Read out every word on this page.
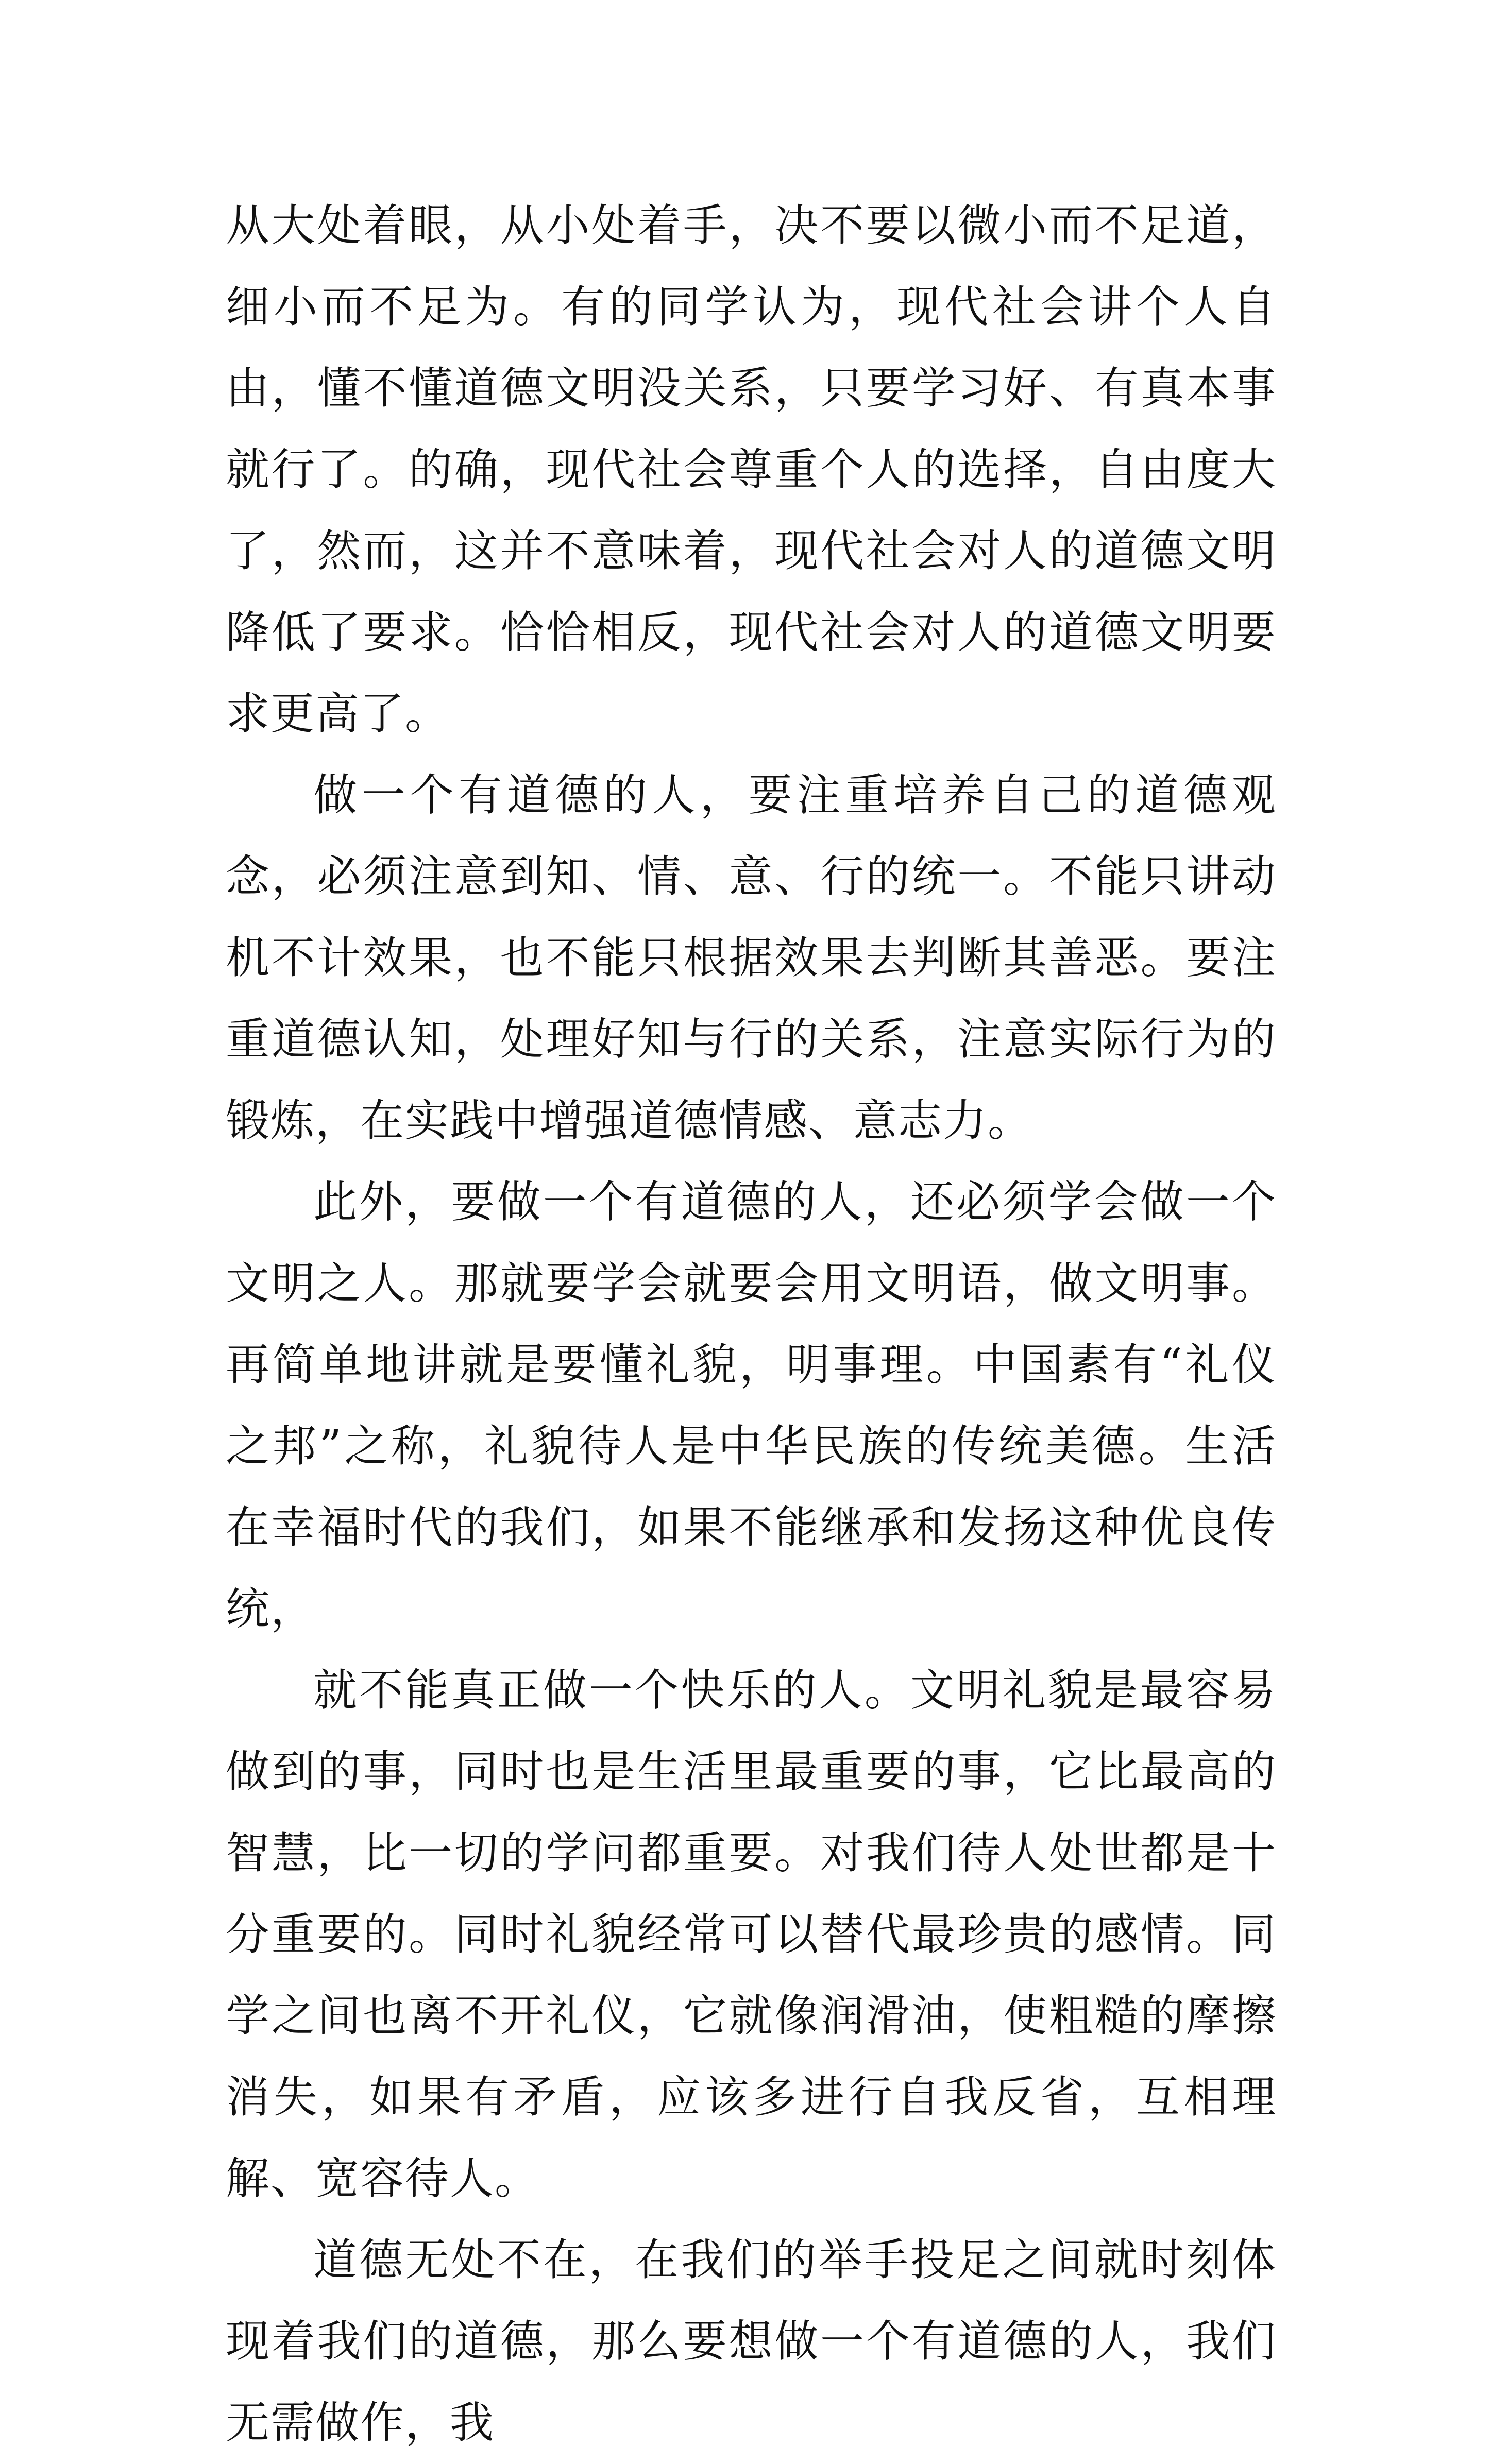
从大处着眼，从小处着手，决不要以微小而不足道，细小而不足为。有的同学认为，现代社会讲个人自由，懂不懂道德文明没关系，只要学习好、有真本事就行了。的确，现代社会尊重个人的选择，自由度大了，然而，这并不意味着，现代社会对人的道德文明降低了要求。恰恰相反，现代社会对人的道德文明要求更高了。

做一个有道德的人，要注重培养自己的道德观念，必须注意到知、情、意、行的统一。不能只讲动机不计效果，也不能只根据效果去判断其善恶。要注重道德认知，处理好知与行的关系，注意实际行为的锻炼，在实践中增强道德情感、意志力。

此外，要做一个有道德的人，还必须学会做一个文明之人。那就要学会就要会用文明语，做文明事。再简单地讲就是要懂礼貌，明事理。中国素有“礼仪之邦”之称，礼貌待人是中华民族的传统美德。生活在幸福时代的我们，如果不能继承和发扬这种优良传统，

就不能真正做一个快乐的人。文明礼貌是最容易做到的事，同时也是生活里最重要的事，它比最高的智慧，比一切的学问都重要。对我们待人处世都是十分重要的。同时礼貌经常可以替代最珍贵的感情。同学之间也离不开礼仪，它就像润滑油，使粗糙的摩擦消失，如果有矛盾，应该多进行自我反省，互相理解、宽容待人。

道德无处不在，在我们的举手投足之间就时刻体现着我们的道德，那么要想做一个有道德的人，我们无需做作，我
